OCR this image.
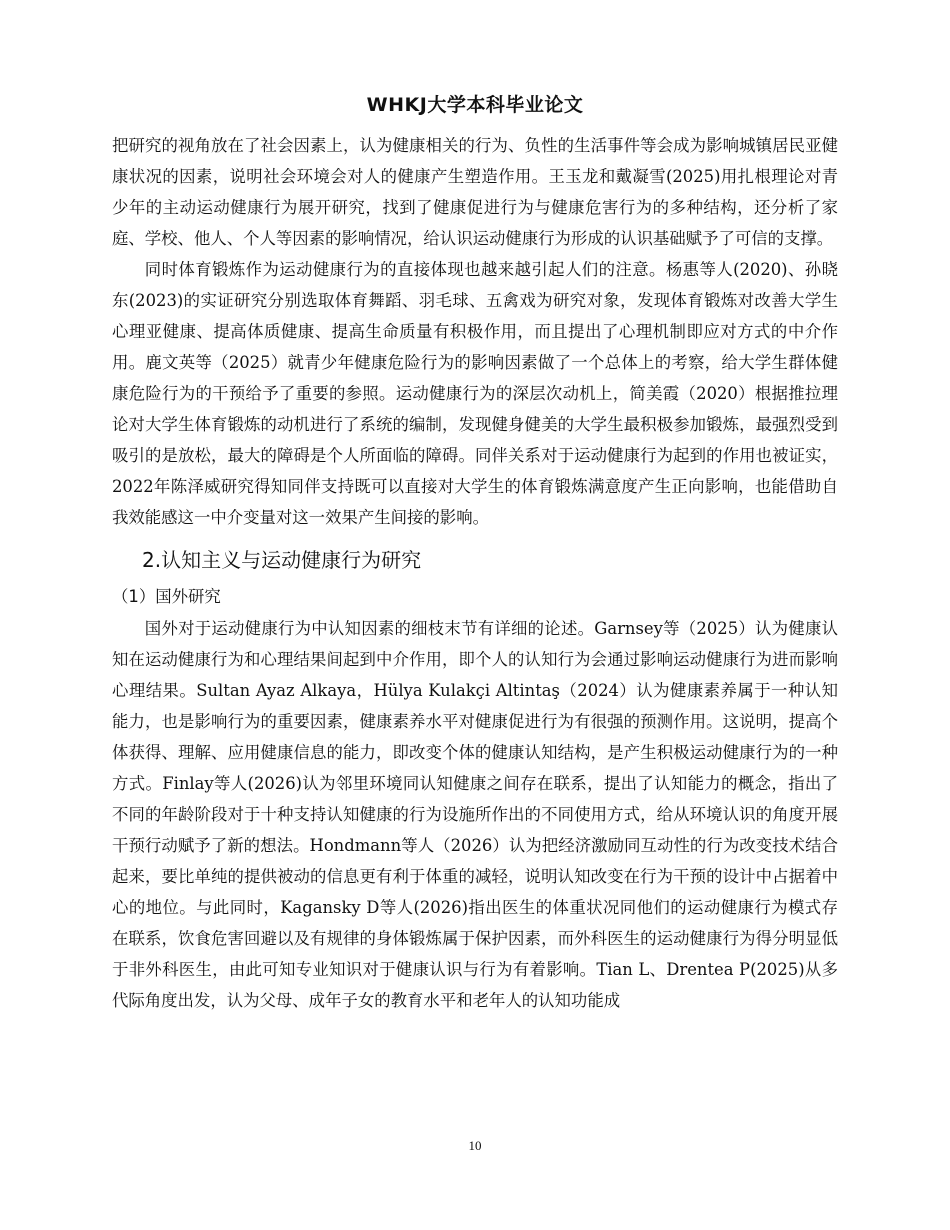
WHKJ大学本科毕业论文

把研究的视角放在了社会因素上，认为健康相关的行为、负性的生活事件等会成为影响城镇居民亚健康状况的因素，说明社会环境会对人的健康产生塑造作用。王玉龙和戴凝雪(2025)用扎根理论对青少年的主动运动健康行为展开研究，找到了健康促进行为与健康危害行为的多种结构，还分析了家庭、学校、他人、个人等因素的影响情况，给认识运动健康行为形成的认识基础赋予了可信的支撑。

同时体育锻炼作为运动健康行为的直接体现也越来越引起人们的注意。杨惠等人(2020)、孙晓东(2023)的实证研究分别选取体育舞蹈、羽毛球、五禽戏为研究对象，发现体育锻炼对改善大学生心理亚健康、提高体质健康、提高生命质量有积极作用，而且提出了心理机制即应对方式的中介作用。鹿文英等（2025）就青少年健康危险行为的影响因素做了一个总体上的考察，给大学生群体健康危险行为的干预给予了重要的参照。运动健康行为的深层次动机上，简美霞（2020）根据推拉理论对大学生体育锻炼的动机进行了系统的编制，发现健身健美的大学生最积极参加锻炼，最强烈受到吸引的是放松，最大的障碍是个人所面临的障碍。同伴关系对于运动健康行为起到的作用也被证实，2022年陈泽威研究得知同伴支持既可以直接对大学生的体育锻炼满意度产生正向影响，也能借助自我效能感这一中介变量对这一效果产生间接的影响。

2.认知主义与运动健康行为研究
（1）国外研究

国外对于运动健康行为中认知因素的细枝末节有详细的论述。Garnsey等（2025）认为健康认知在运动健康行为和心理结果间起到中介作用，即个人的认知行为会通过影响运动健康行为进而影响心理结果。Sultan Ayaz Alkaya，Hülya Kulakçi Altintaş（2024）认为健康素养属于一种认知能力，也是影响行为的重要因素，健康素养水平对健康促进行为有很强的预测作用。这说明，提高个体获得、理解、应用健康信息的能力，即改变个体的健康认知结构，是产生积极运动健康行为的一种方式。Finlay等人(2026)认为邻里环境同认知健康之间存在联系，提出了认知能力的概念，指出了不同的年龄阶段对于十种支持认知健康的行为设施所作出的不同使用方式，给从环境认识的角度开展干预行动赋予了新的想法。Hondmann等人（2026）认为把经济激励同互动性的行为改变技术结合起来，要比单纯的提供被动的信息更有利于体重的减轻，说明认知改变在行为干预的设计中占据着中心的地位。与此同时，Kagansky D等人(2026)指出医生的体重状况同他们的运动健康行为模式存在联系，饮食危害回避以及有规律的身体锻炼属于保护因素，而外科医生的运动健康行为得分明显低于非外科医生，由此可知专业知识对于健康认识与行为有着影响。Tian L、Drentea P(2025)从多代际角度出发，认为父母、成年子女的教育水平和老年人的认知功能成

10
